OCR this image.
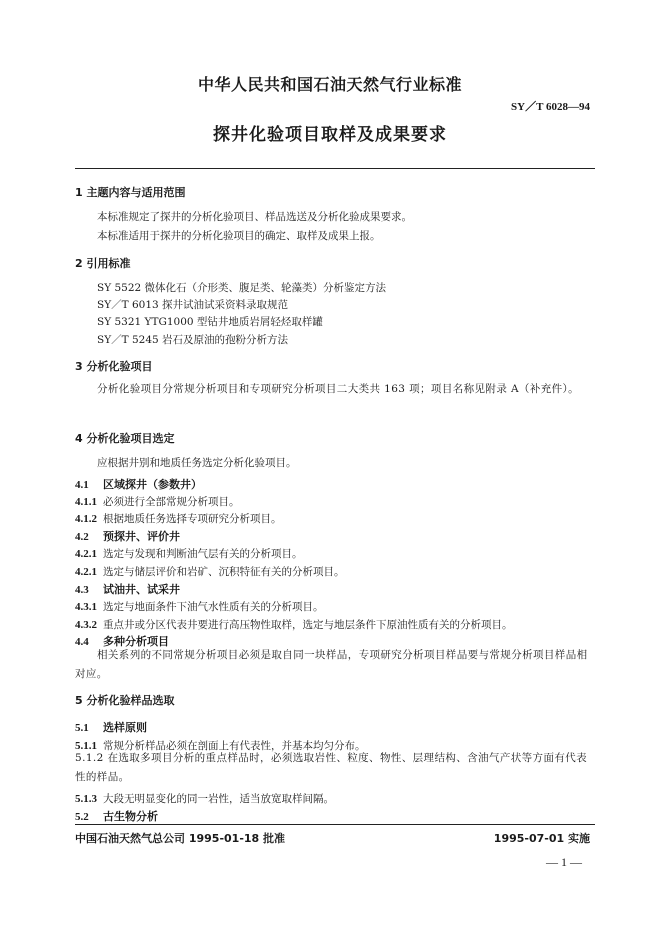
中华人民共和国石油天然气行业标准
SY／T 6028—94
探井化验项目取样及成果要求
1 主题内容与适用范围
本标准规定了探井的分析化验项目、样品选送及分析化验成果要求。
本标准适用于探井的分析化验项目的确定、取样及成果上报。
2 引用标准
SY 5522 微体化石（介形类、腹足类、轮藻类）分析鉴定方法
SY／T 6013 探井试油试采资料录取规范
SY 5321 YTG1000 型钻井地质岩屑轻烃取样罐
SY／T 5245 岩石及原油的孢粉分析方法
3 分析化验项目
分析化验项目分常规分析项目和专项研究分析项目二大类共 163 项；项目名称见附录 A（补充件）。
4 分析化验项目选定
应根据井别和地质任务选定分析化验项目。
4.1 区域探井（参数井）
4.1.1 必须进行全部常规分析项目。
4.1.2 根据地质任务选择专项研究分析项目。
4.2 预探井、评价井
4.2.1 选定与发现和判断油气层有关的分析项目。
4.2.1 选定与储层评价和岩矿、沉积特征有关的分析项目。
4.3 试油井、试采井
4.3.1 选定与地面条件下油气水性质有关的分析项目。
4.3.2 重点井或分区代表井要进行高压物性取样，选定与地层条件下原油性质有关的分析项目。
4.4 多种分析项目
相关系列的不同常规分析项目必须是取自同一块样品，专项研究分析项目样品要与常规分析项目样品相对应。
5 分析化验样品选取
5.1 选样原则
5.1.1 常规分析样品必须在剖面上有代表性，并基本均匀分布。
5.1.2 在选取多项目分析的重点样品时，必须选取岩性、粒度、物性、层理结构、含油气产状等方面有代表性的样品。
5.1.3 大段无明显变化的同一岩性，适当放宽取样间隔。
5.2 古生物分析
中国石油天然气总公司 1995-01-18 批准	1995-07-01 实施
— 1 —
